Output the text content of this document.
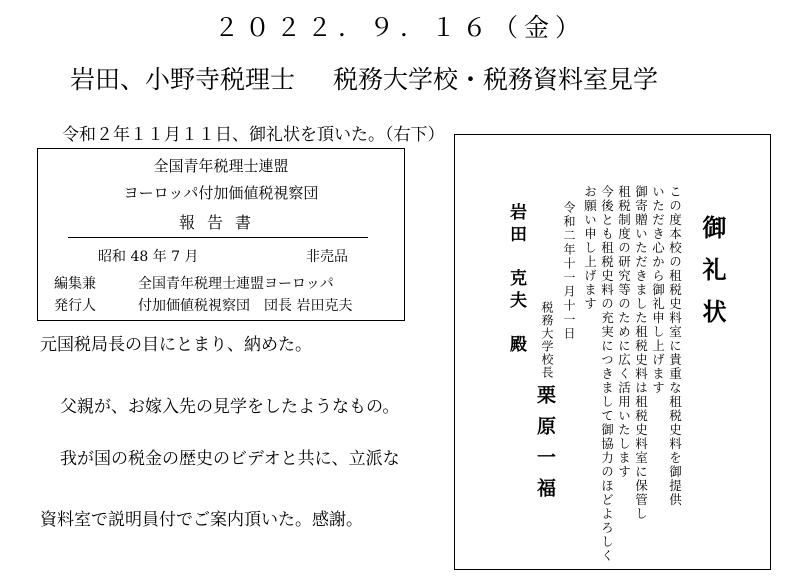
２０２２．９．１６（金）
岩田、小野寺税理士 税務大学校・税務資料室見学
令和２年１１月１１日、御礼状を頂いた。（右下）
全国青年税理士連盟
ヨーロッパ付加価値税視察団
報告書
昭和 48 年 7 月	非売品
編集兼	全国青年税理士連盟ヨーロッパ
発行人	付加価値税視察団　団長 岩田克夫
元国税局長の目にとまり、納めた。
父親が、お嫁入先の見学をしたようなもの。
我が国の税金の歴史のビデオと共に、立派な
資料室で説明員付でご案内頂いた。感謝。
御礼状
この度本校の租税史料室に貴重な租税史料を御提供
いただき心から御礼申し上げます
御寄贈いただきました租税史料は租税史料室に保管し
租税制度の研究等のために広く活用いたします
今後とも租税史料の充実につきまして御協力のほどよろしく
お願い申し上げます
令和二年十一月十一日
税務大学校長
栗原一福
岩田　克夫　殿
